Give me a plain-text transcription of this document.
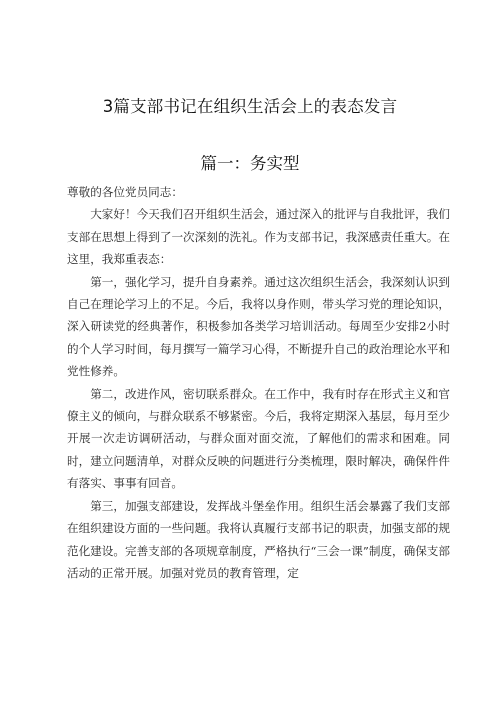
3篇支部书记在组织生活会上的表态发言
篇一：务实型

尊敬的各位党员同志：

大家好！今天我们召开组织生活会，通过深入的批评与自我批评，我们支部在思想上得到了一次深刻的洗礼。作为支部书记，我深感责任重大。在这里，我郑重表态：

第一，强化学习，提升自身素养。通过这次组织生活会，我深刻认识到自己在理论学习上的不足。今后，我将以身作则，带头学习党的理论知识，深入研读党的经典著作，积极参加各类学习培训活动。每周至少安排2小时的个人学习时间，每月撰写一篇学习心得，不断提升自己的政治理论水平和党性修养。

第二，改进作风，密切联系群众。在工作中，我有时存在形式主义和官僚主义的倾向，与群众联系不够紧密。今后，我将定期深入基层，每月至少开展一次走访调研活动，与群众面对面交流，了解他们的需求和困难。同时，建立问题清单，对群众反映的问题进行分类梳理，限时解决，确保件件有落实、事事有回音。

第三，加强支部建设，发挥战斗堡垒作用。组织生活会暴露了我们支部在组织建设方面的一些问题。我将认真履行支部书记的职责，加强支部的规范化建设。完善支部的各项规章制度，严格执行“三会一课”制度，确保支部活动的正常开展。加强对党员的教育管理，定
